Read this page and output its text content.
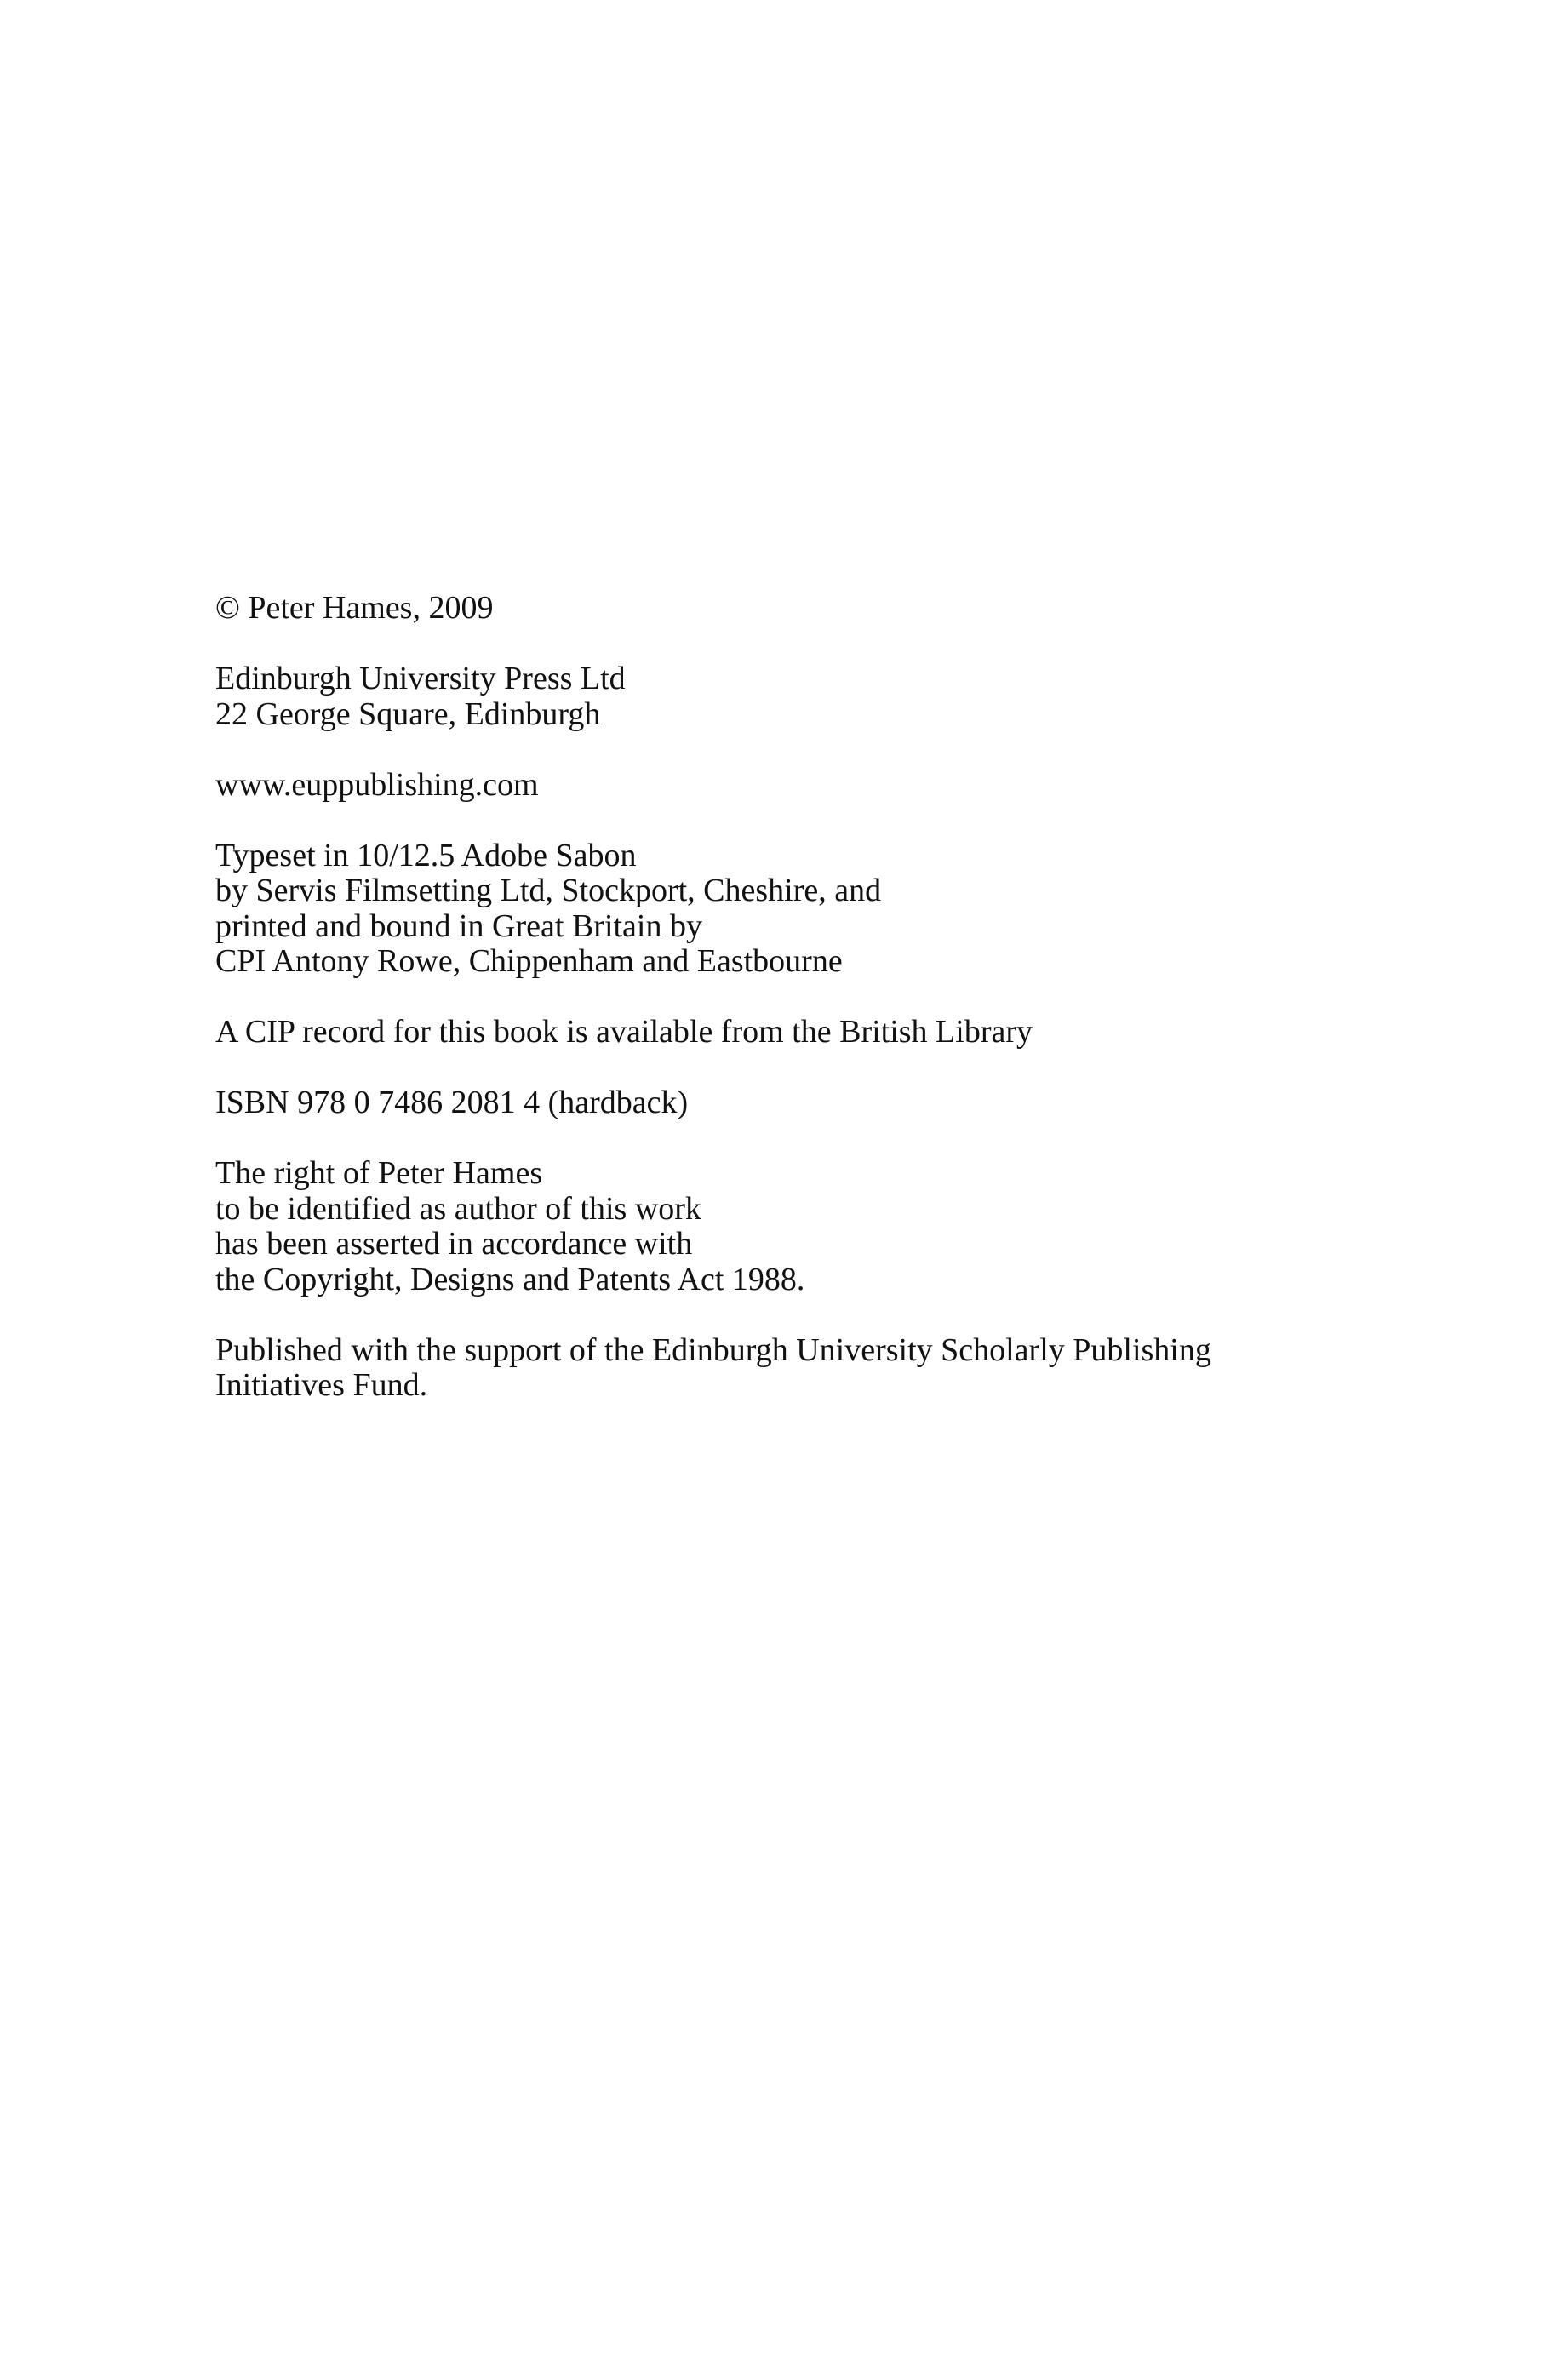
© Peter Hames, 2009
Edinburgh University Press Ltd
22 George Square, Edinburgh
www.euppublishing.com
Typeset in 10/12.5 Adobe Sabon
by Servis Filmsetting Ltd, Stockport, Cheshire, and
printed and bound in Great Britain by
CPI Antony Rowe, Chippenham and Eastbourne
A CIP record for this book is available from the British Library
ISBN 978 0 7486 2081 4 (hardback)
The right of Peter Hames
to be identified as author of this work
has been asserted in accordance with
the Copyright, Designs and Patents Act 1988.
Published with the support of the Edinburgh University Scholarly Publishing
Initiatives Fund.
